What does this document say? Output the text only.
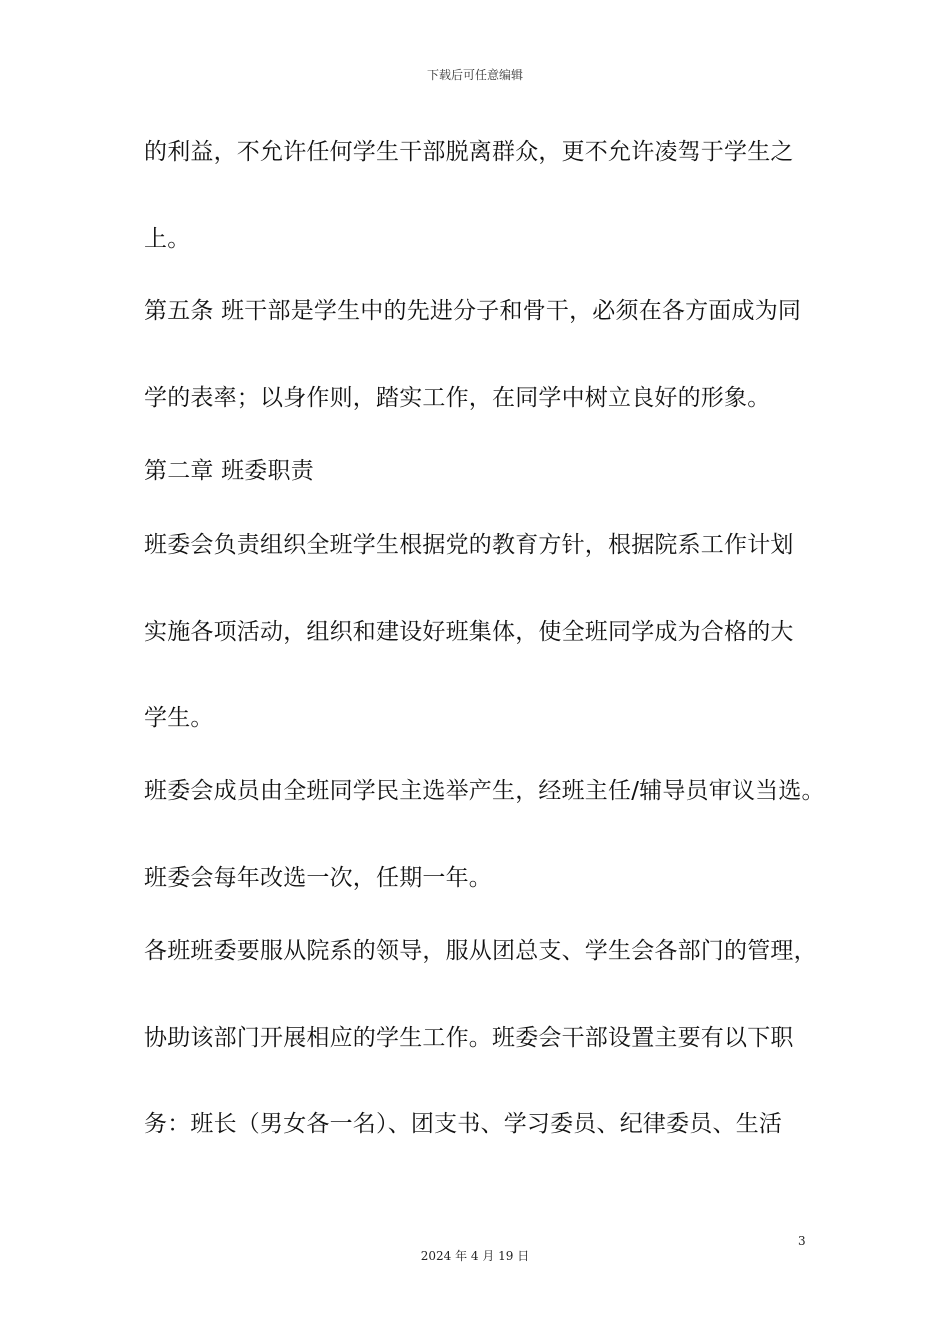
下载后可任意编辑
的利益，不允许任何学生干部脱离群众，更不允许凌驾于学生之
上。
第五条 班干部是学生中的先进分子和骨干，必须在各方面成为同
学的表率；以身作则，踏实工作，在同学中树立良好的形象。
第二章 班委职责
班委会负责组织全班学生根据党的教育方针，根据院系工作计划
实施各项活动，组织和建设好班集体，使全班同学成为合格的大
学生。
班委会成员由全班同学民主选举产生，经班主任/辅导员审议当选。
班委会每年改选一次，任期一年。
各班班委要服从院系的领导，服从团总支、学生会各部门的管理，
协助该部门开展相应的学生工作。班委会干部设置主要有以下职
务：班长（男女各一名）、团支书、学习委员、纪律委员、生活
3
2024 年 4 月 19 日
